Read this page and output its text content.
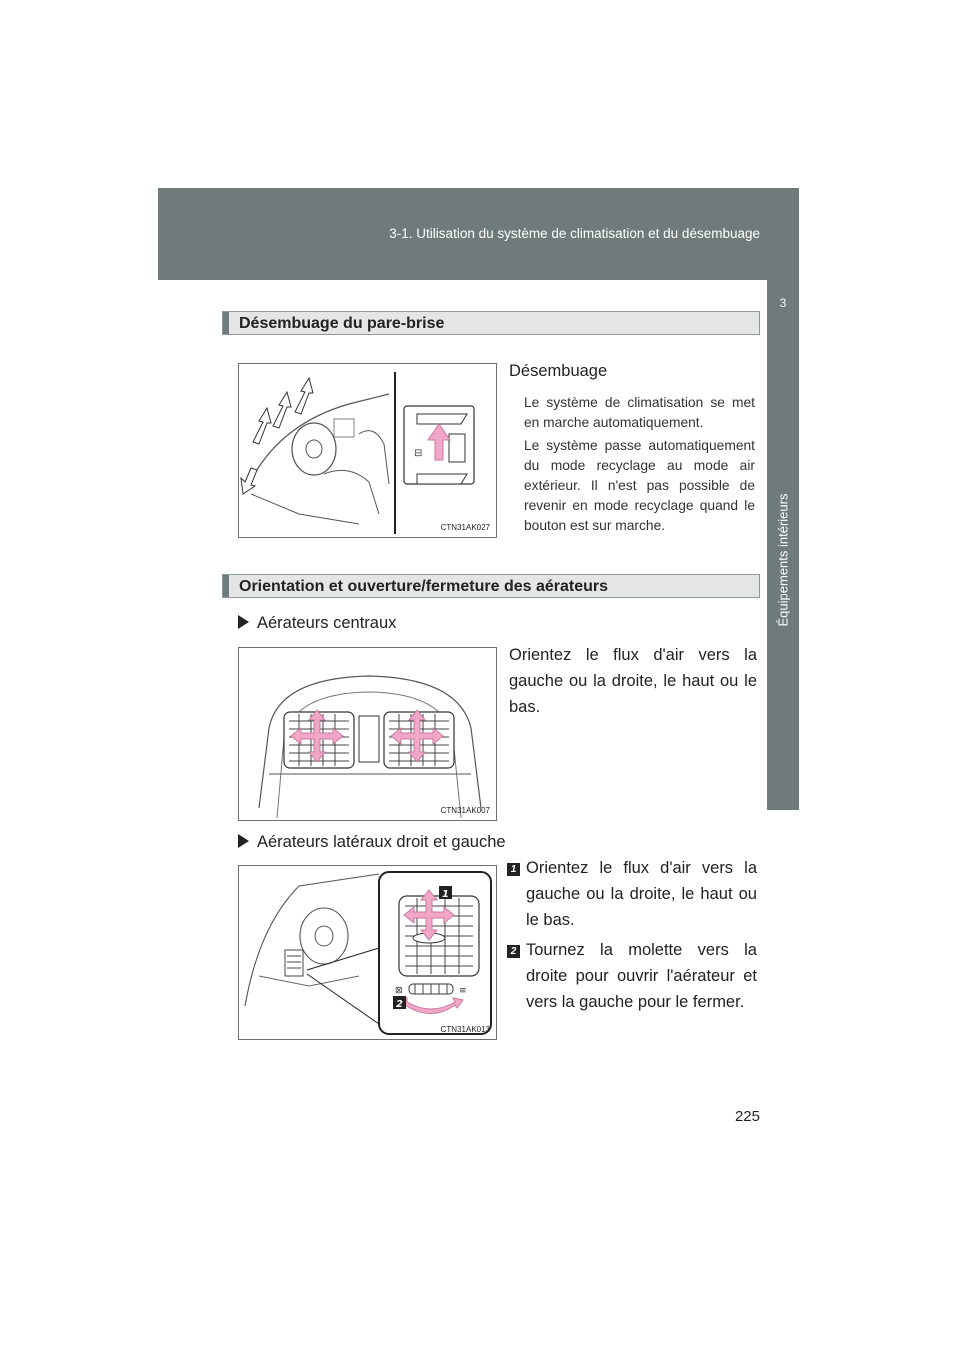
3-1. Utilisation du système de climatisation et du désembuage
3
Équipements intérieurs
Désembuage du pare-brise
⊟
CTN31AK027
Désembuage
Le système de climatisation se met en marche automatiquement.
Le système passe automatiquement du mode recyclage au mode air extérieur. Il n'est pas possible de revenir en mode recyclage quand le bouton est sur marche.
Orientation et ouverture/fermeture des aérateurs
Aérateurs centraux
CTN31AK007
Orientez le flux d'air vers la gauche ou la droite, le haut ou le bas.
Aérateurs latéraux droit et gauche
⊠	≡
1
2
CTN31AK013
1 Orientez le flux d'air vers la gauche ou la droite, le haut ou le bas.
2 Tournez la molette vers la droite pour ouvrir l'aérateur et vers la gauche pour le fermer.
225
